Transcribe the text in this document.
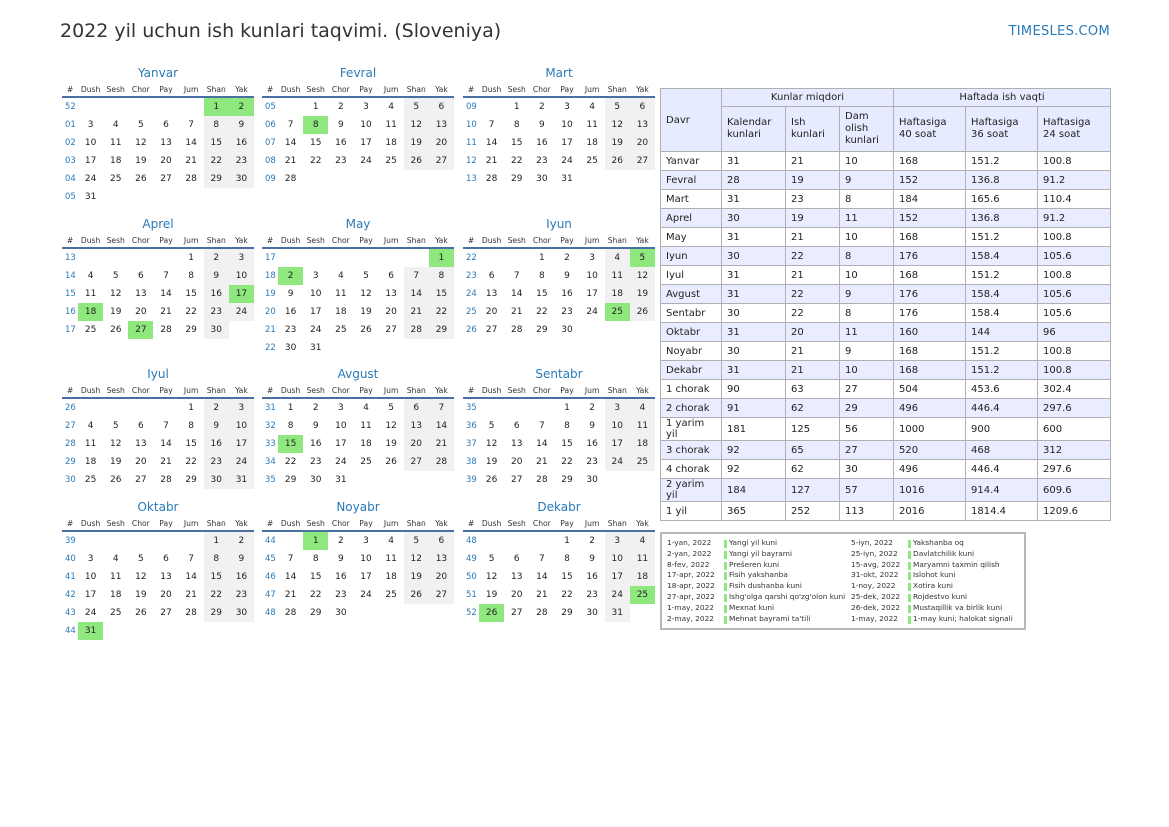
2022 yil uchun ish kunlari taqvimi. (Sloveniya)	TIMESLES.COM
Yanvar
#	Dush	Sesh	Chor	Pay	Jum	Shan	Yak
52						1	2
01	3	4	5	6	7	8	9
02	10	11	12	13	14	15	16
03	17	18	19	20	21	22	23
04	24	25	26	27	28	29	30
05	31						
Fevral
#	Dush	Sesh	Chor	Pay	Jum	Shan	Yak
05		1	2	3	4	5	6
06	7	8	9	10	11	12	13
07	14	15	16	17	18	19	20
08	21	22	23	24	25	26	27
09	28						
Mart
#	Dush	Sesh	Chor	Pay	Jum	Shan	Yak
09		1	2	3	4	5	6
10	7	8	9	10	11	12	13
11	14	15	16	17	18	19	20
12	21	22	23	24	25	26	27
13	28	29	30	31			
Aprel
#	Dush	Sesh	Chor	Pay	Jum	Shan	Yak
13					1	2	3
14	4	5	6	7	8	9	10
15	11	12	13	14	15	16	17
16	18	19	20	21	22	23	24
17	25	26	27	28	29	30	
May
#	Dush	Sesh	Chor	Pay	Jum	Shan	Yak
17							1
18	2	3	4	5	6	7	8
19	9	10	11	12	13	14	15
20	16	17	18	19	20	21	22
21	23	24	25	26	27	28	29
22	30	31					
Iyun
#	Dush	Sesh	Chor	Pay	Jum	Shan	Yak
22			1	2	3	4	5
23	6	7	8	9	10	11	12
24	13	14	15	16	17	18	19
25	20	21	22	23	24	25	26
26	27	28	29	30			
Iyul
#	Dush	Sesh	Chor	Pay	Jum	Shan	Yak
26					1	2	3
27	4	5	6	7	8	9	10
28	11	12	13	14	15	16	17
29	18	19	20	21	22	23	24
30	25	26	27	28	29	30	31
Avgust
#	Dush	Sesh	Chor	Pay	Jum	Shan	Yak
31	1	2	3	4	5	6	7
32	8	9	10	11	12	13	14
33	15	16	17	18	19	20	21
34	22	23	24	25	26	27	28
35	29	30	31				
Sentabr
#	Dush	Sesh	Chor	Pay	Jum	Shan	Yak
35				1	2	3	4
36	5	6	7	8	9	10	11
37	12	13	14	15	16	17	18
38	19	20	21	22	23	24	25
39	26	27	28	29	30		
Oktabr
#	Dush	Sesh	Chor	Pay	Jum	Shan	Yak
39						1	2
40	3	4	5	6	7	8	9
41	10	11	12	13	14	15	16
42	17	18	19	20	21	22	23
43	24	25	26	27	28	29	30
44	31						
Noyabr
#	Dush	Sesh	Chor	Pay	Jum	Shan	Yak
44		1	2	3	4	5	6
45	7	8	9	10	11	12	13
46	14	15	16	17	18	19	20
47	21	22	23	24	25	26	27
48	28	29	30				
Dekabr
#	Dush	Sesh	Chor	Pay	Jum	Shan	Yak
48				1	2	3	4
49	5	6	7	8	9	10	11
50	12	13	14	15	16	17	18
51	19	20	21	22	23	24	25
52	26	27	28	29	30	31	
Davr	Kunlar miqdori			Haftada ish vaqti		
	Kalendar kunlari	Ish kunlari	Dam olish kunlari	Haftasiga 40 soat	Haftasiga 36 soat	Haftasiga 24 soat
Yanvar	31	21	10	168	151.2	100.8
Fevral	28	19	9	152	136.8	91.2
Mart	31	23	8	184	165.6	110.4
Aprel	30	19	11	152	136.8	91.2
May	31	21	10	168	151.2	100.8
Iyun	30	22	8	176	158.4	105.6
Iyul	31	21	10	168	151.2	100.8
Avgust	31	22	9	176	158.4	105.6
Sentabr	30	22	8	176	158.4	105.6
Oktabr	31	20	11	160	144	96
Noyabr	30	21	9	168	151.2	100.8
Dekabr	31	21	10	168	151.2	100.8
1 chorak	90	63	27	504	453.6	302.4
2 chorak	91	62	29	496	446.4	297.6
1 yarim yil	181	125	56	1000	900	600
3 chorak	92	65	27	520	468	312
4 chorak	92	62	30	496	446.4	297.6
2 yarim yil	184	127	57	1016	914.4	609.6
1 yil	365	252	113	2016	1814.4	1209.6
1-yan, 2022	Yangi yil kuni
2-yan, 2022	Yangi yil bayrami
8-fev, 2022	Prešeren kuni
17-apr, 2022	Fisih yakshanba
18-apr, 2022	Fisih dushanba kuni
27-apr, 2022	Ishg'olga qarshi qo'zg'olon kuni
1-may, 2022	Mexnat kuni
2-may, 2022	Mehnat bayrami ta'tili
5-iyn, 2022	Yakshanba oq
25-iyn, 2022	Davlatchilik kuni
15-avg, 2022	Maryamni taxmin qilish
31-okt, 2022	Islohot kuni
1-noy, 2022	Xotira kuni
25-dek, 2022	Rojdestvo kuni
26-dek, 2022	Mustaqillik va birlik kuni
1-may, 2022	1-may kuni; halokat signali
